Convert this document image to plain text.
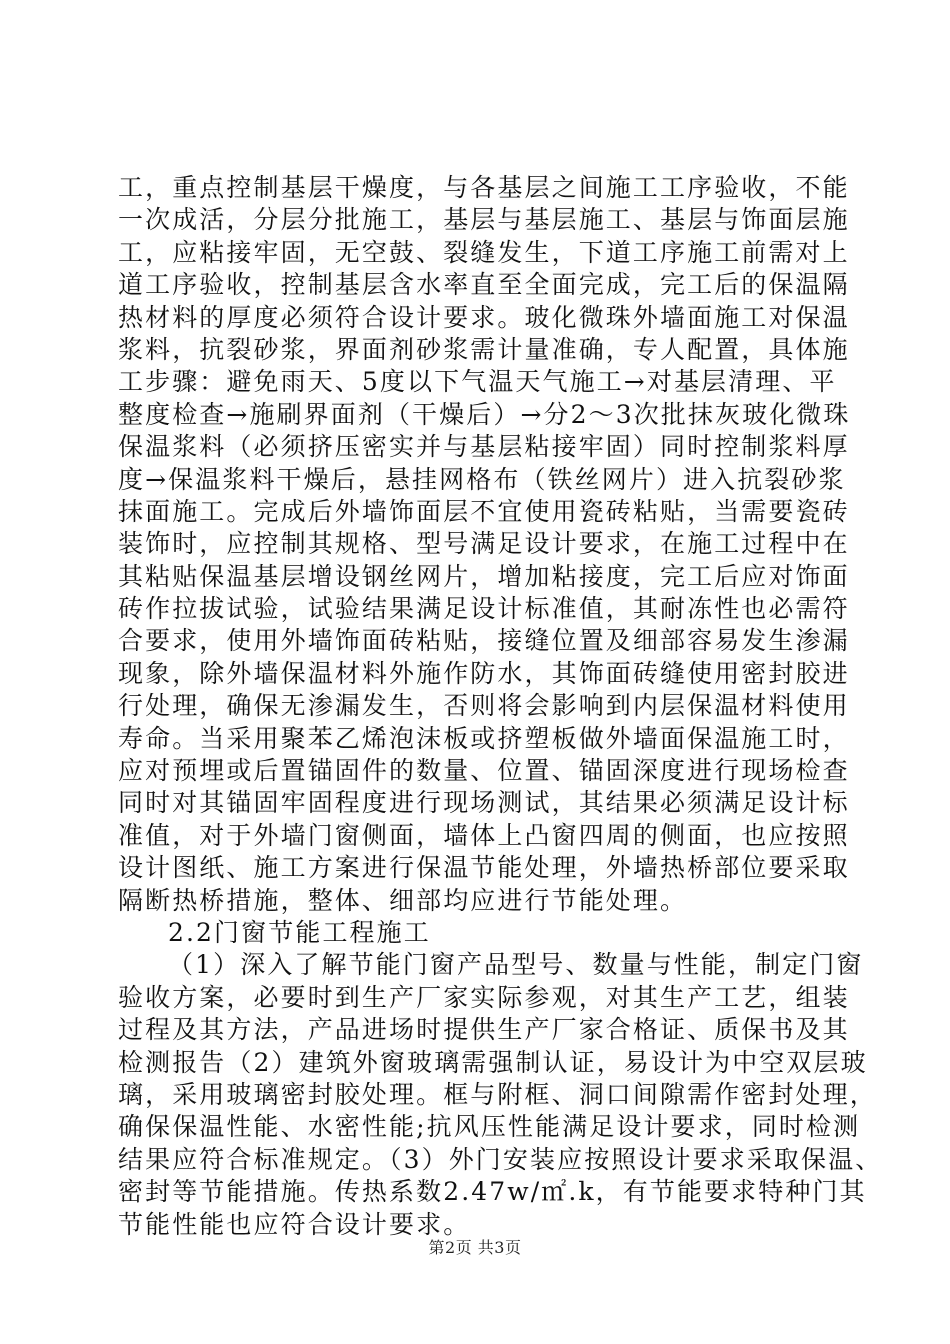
工，重点控制基层干燥度，与各基层之间施工工序验收，不能
一次成活，分层分批施工，基层与基层施工、基层与饰面层施
工，应粘接牢固，无空鼓、裂缝发生，下道工序施工前需对上
道工序验收，控制基层含水率直至全面完成，完工后的保温隔
热材料的厚度必须符合设计要求。玻化微珠外墙面施工对保温
浆料，抗裂砂浆，界面剂砂浆需计量准确，专人配置，具体施
工步骤：避免雨天、5度以下气温天气施工→对基层清理、平
整度检查→施刷界面剂（干燥后）→分2～3次批抹灰玻化微珠
保温浆料（必须挤压密实并与基层粘接牢固）同时控制浆料厚
度→保温浆料干燥后，悬挂网格布（铁丝网片）进入抗裂砂浆
抹面施工。完成后外墙饰面层不宜使用瓷砖粘贴，当需要瓷砖
装饰时，应控制其规格、型号满足设计要求，在施工过程中在
其粘贴保温基层增设钢丝网片，增加粘接度，完工后应对饰面
砖作拉拔试验，试验结果满足设计标准值，其耐冻性也必需符
合要求，使用外墙饰面砖粘贴，接缝位置及细部容易发生渗漏
现象，除外墙保温材料外施作防水，其饰面砖缝使用密封胶进
行处理，确保无渗漏发生，否则将会影响到内层保温材料使用
寿命。当采用聚苯乙烯泡沫板或挤塑板做外墙面保温施工时，
应对预埋或后置锚固件的数量、位置、锚固深度进行现场检查
同时对其锚固牢固程度进行现场测试，其结果必须满足设计标
准值，对于外墙门窗侧面，墙体上凸窗四周的侧面，也应按照
设计图纸、施工方案进行保温节能处理，外墙热桥部位要采取
隔断热桥措施，整体、细部均应进行节能处理。
2.2门窗节能工程施工
（1）深入了解节能门窗产品型号、数量与性能，制定门窗
验收方案，必要时到生产厂家实际参观，对其生产工艺，组装
过程及其方法，产品进场时提供生产厂家合格证、质保书及其
检测报告（2）建筑外窗玻璃需强制认证，易设计为中空双层玻
璃，采用玻璃密封胶处理。框与附框、洞口间隙需作密封处理，
确保保温性能、水密性能;抗风压性能满足设计要求，同时检测
结果应符合标准规定。（3）外门安装应按照设计要求采取保温、
密封等节能措施。传热系数2.47w/㎡.k，有节能要求特种门其
节能性能也应符合设计要求。
第2页 共3页
